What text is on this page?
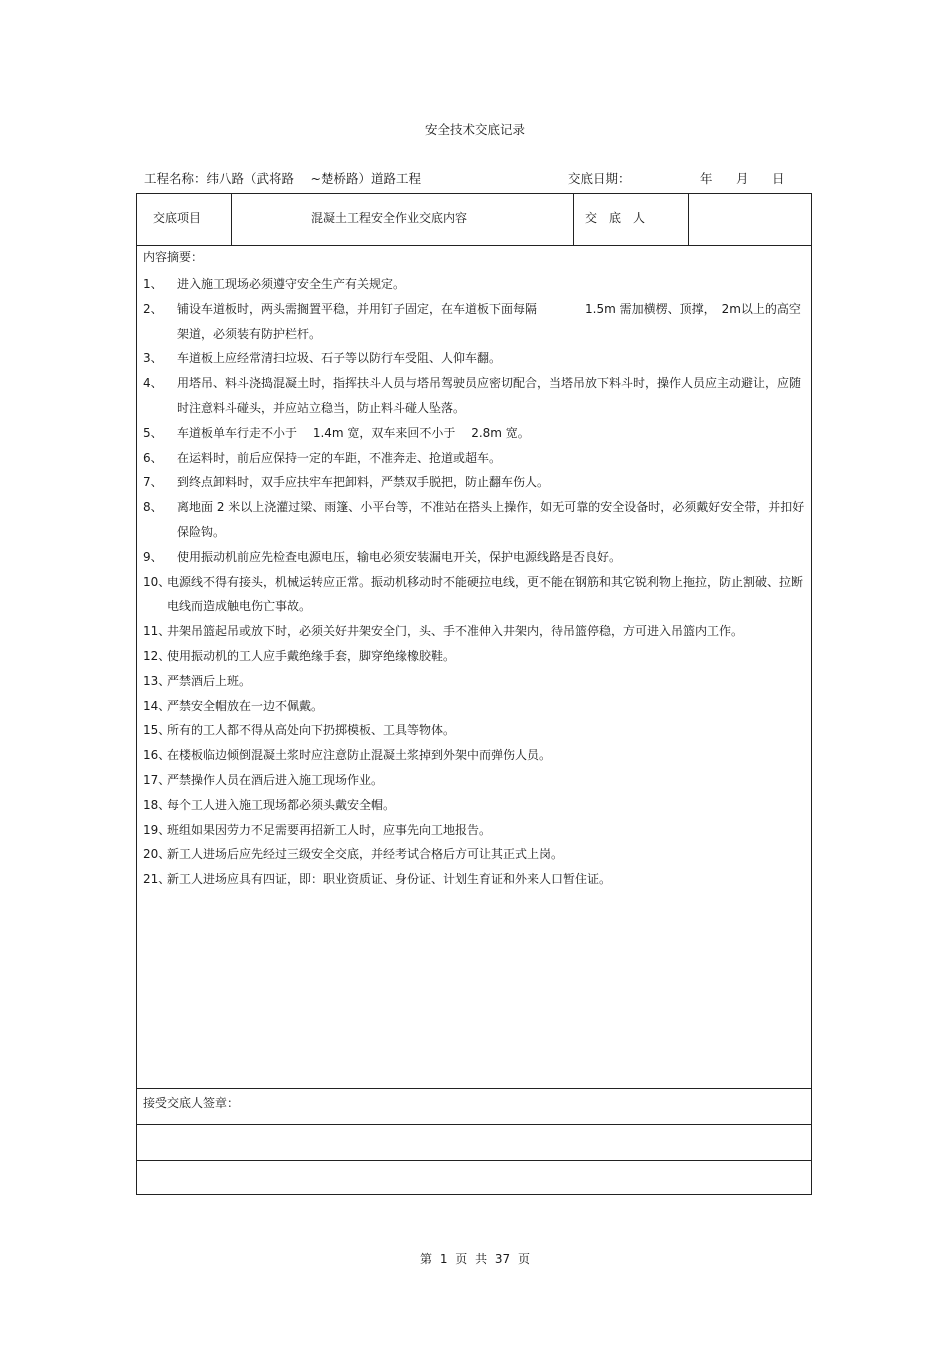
安全技术交底记录
工程名称：纬八路（武将路　 ~楚桥路）道路工程	交底日期：	年 月 日
交底项目	混凝土工程安全作业交底内容	交　底　人
内容摘要：
1、	进入施工现场必须遵守安全生产有关规定。
2、	铺设车道板时，两头需搁置平稳，并用钉子固定，在车道板下面每隔　　　　1.5m 需加横楞、顶撑，　2m以上的高空架道，必须装有防护栏杆。
3、	车道板上应经常清扫垃圾、石子等以防行车受阻、人仰车翻。
4、	用塔吊、料斗浇捣混凝土时，指挥扶斗人员与塔吊驾驶员应密切配合，当塔吊放下料斗时，操作人员应主动避让，应随时注意料斗碰头，并应站立稳当，防止料斗碰人坠落。
5、	车道板单车行走不小于　 1.4m 宽，双车来回不小于　 2.8m 宽。
6、	在运料时，前后应保持一定的车距，不准奔走、抢道或超车。
7、	到终点卸料时，双手应扶牢车把卸料，严禁双手脱把，防止翻车伤人。
8、	离地面 2 米以上浇灌过梁、雨篷、小平台等，不准站在搭头上操作，如无可靠的安全设备时，必须戴好安全带，并扣好保险钩。
9、	使用振动机前应先检查电源电压，输电必须安装漏电开关，保护电源线路是否良好。
10、
电源线不得有接头，机械运转应正常。振动机移动时不能硬拉电线，更不能在钢筋和其它锐利物上拖拉，防止割破、拉断电线而造成触电伤亡事故。
11、
井架吊篮起吊或放下时，必须关好井架安全门，头、手不准伸入井架内，待吊篮停稳，方可进入吊篮内工作。
12、
使用振动机的工人应手戴绝缘手套，脚穿绝缘橡胶鞋。
13、
严禁酒后上班。
14、
严禁安全帽放在一边不佩戴。
15、
所有的工人都不得从高处向下扔掷模板、工具等物体。
16、
在楼板临边倾倒混凝土浆时应注意防止混凝土浆掉到外架中而弹伤人员。
17、
严禁操作人员在酒后进入施工现场作业。
18、
每个工人进入施工现场都必须头戴安全帽。
19、
班组如果因劳力不足需要再招新工人时，应事先向工地报告。
20、
新工人进场后应先经过三级安全交底，并经考试合格后方可让其正式上岗。
21、
新工人进场应具有四证，即：职业资质证、身份证、计划生育证和外来人口暂住证。
接受交底人签章：
第 1 页 共 37 页
